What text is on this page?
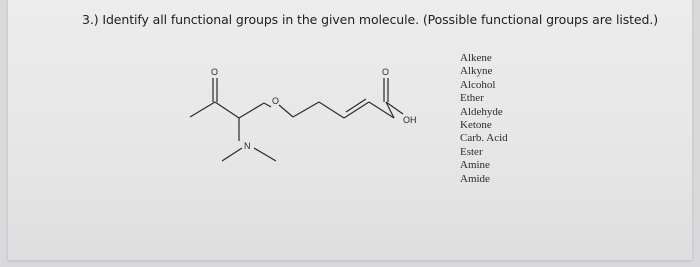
3.) Identify all functional groups in the given molecule. (Possible functional groups are listed.)
O
O
O
OH
N
Alkene
Alkyne
Alcohol
Ether
Aldehyde
Ketone
Carb. Acid
Ester
Amine
Amide
